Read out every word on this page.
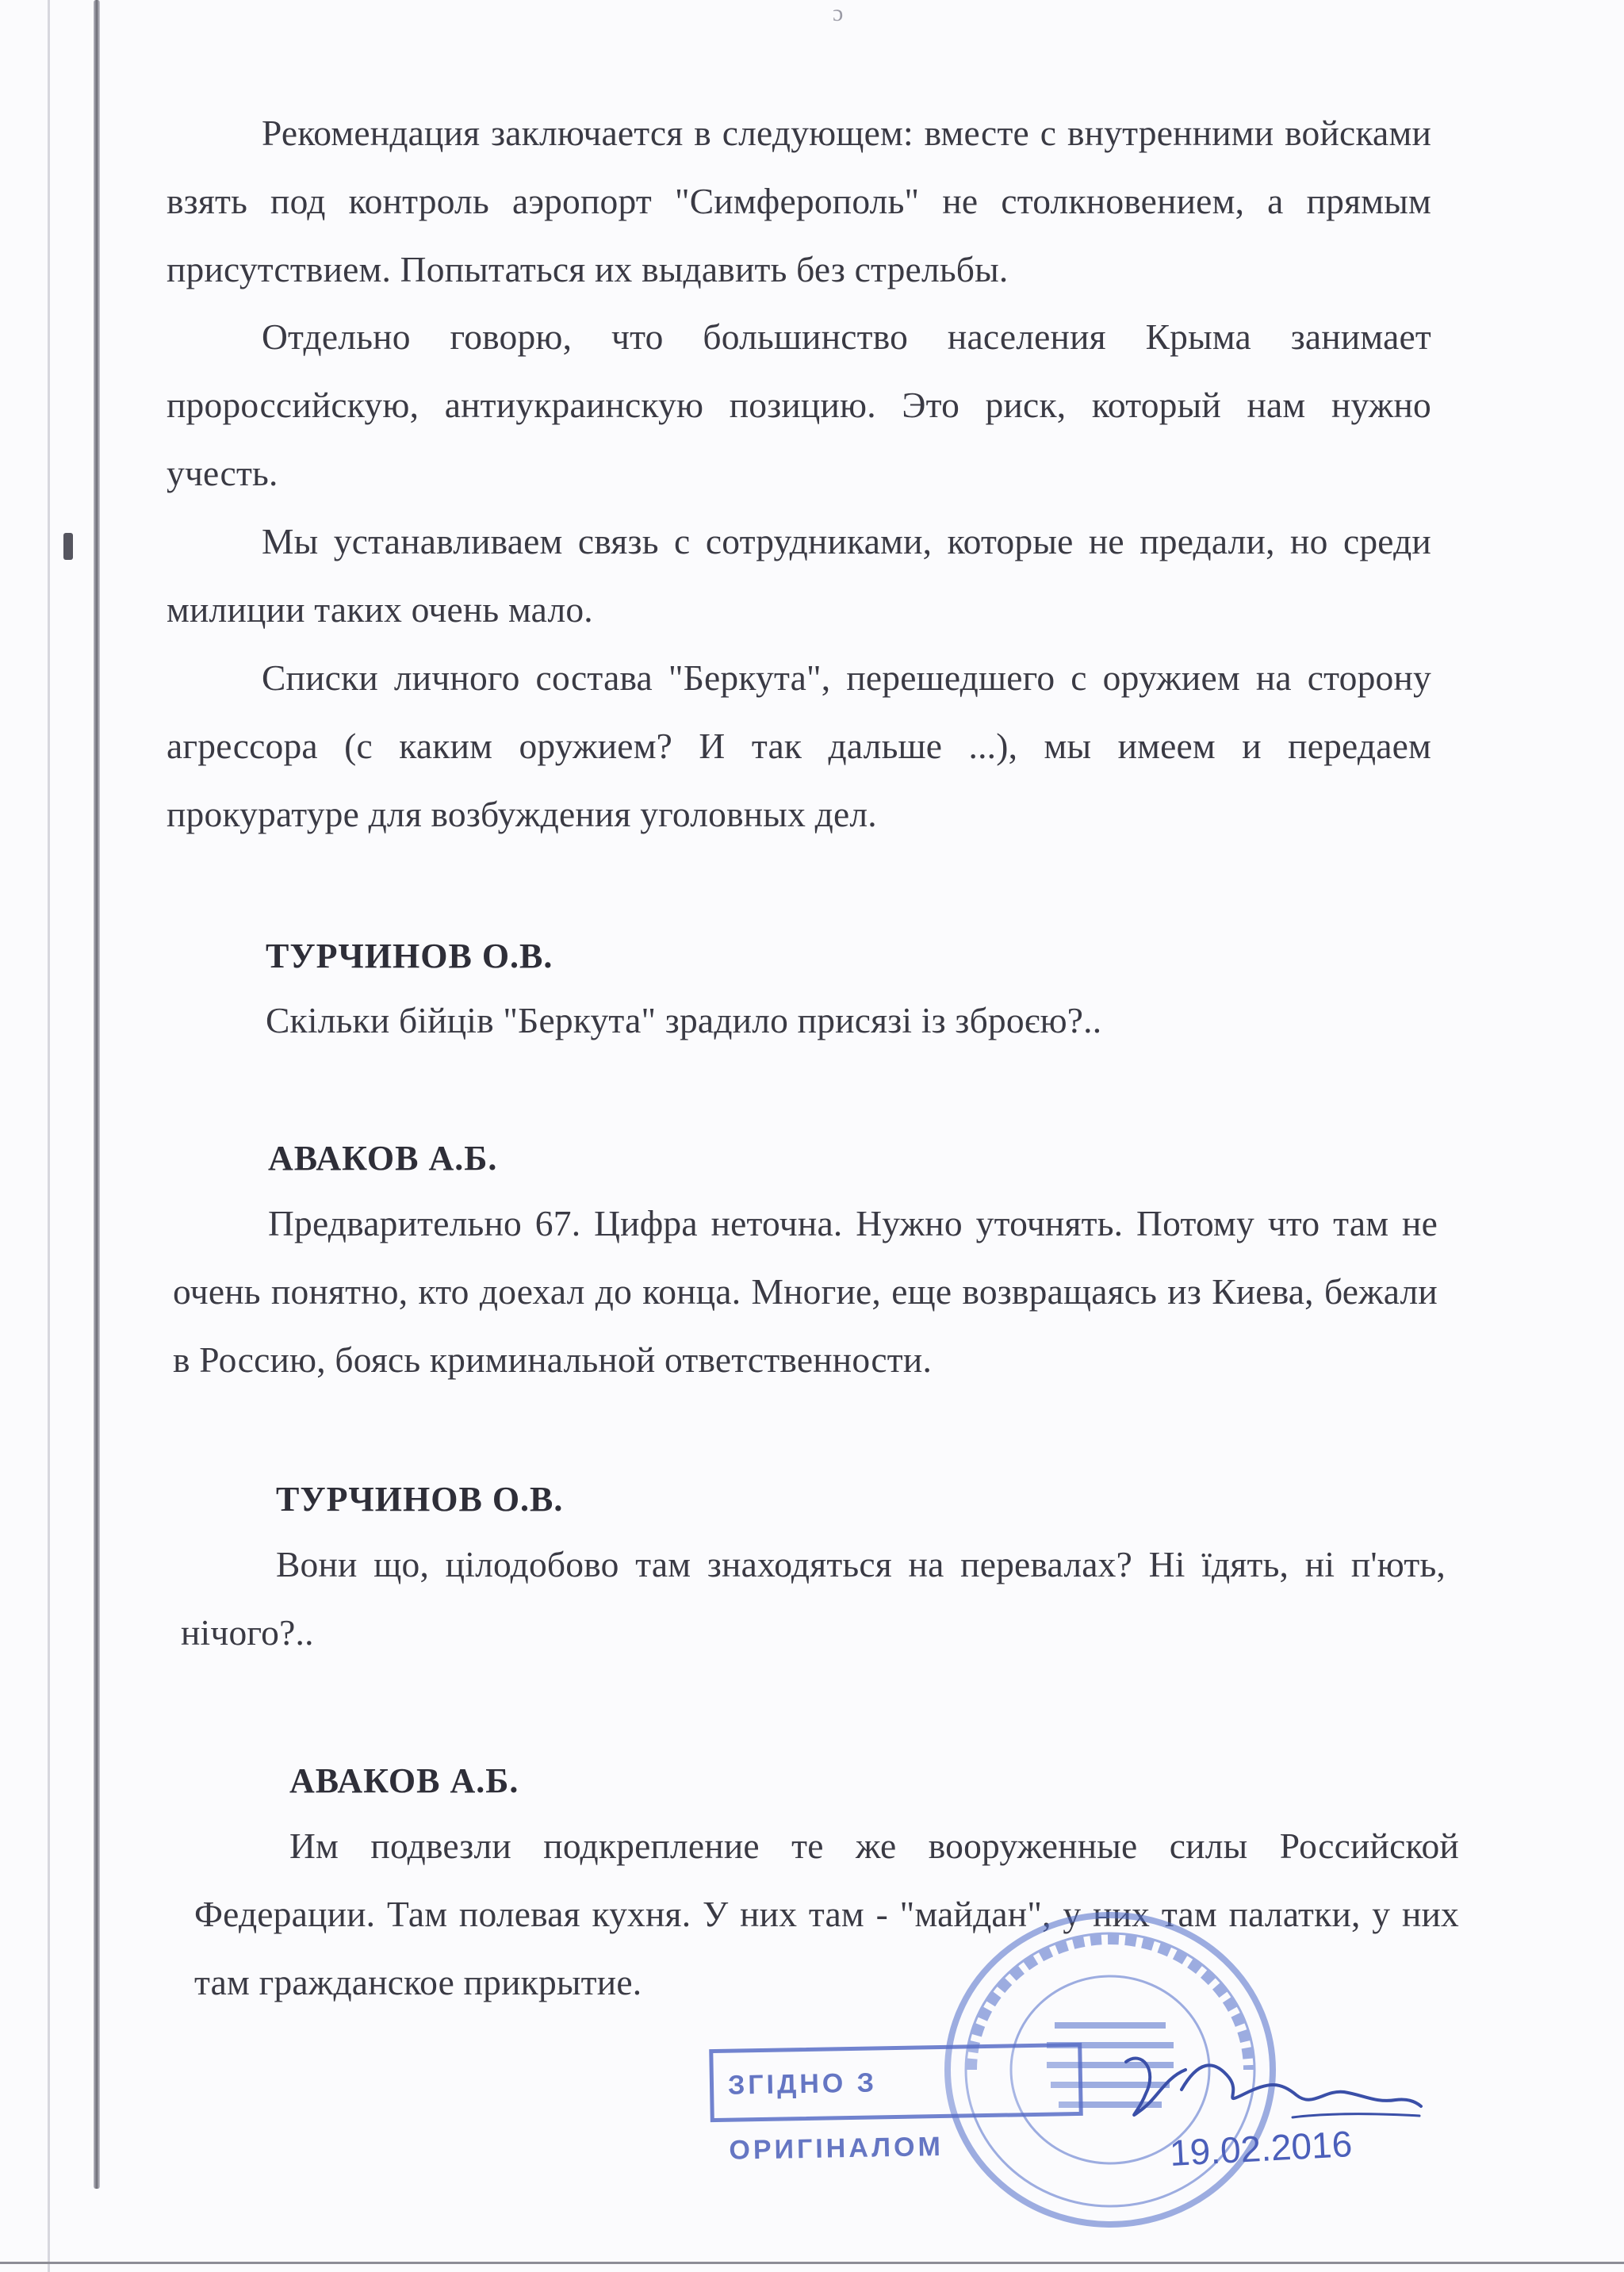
ɔ

Рекомендация заключается в следующем: вместе с внутренними войсками взять под контроль аэропорт "Симферополь" не столкновением, а прямым присутствием. Попытаться их выдавить без стрельбы.

Отдельно говорю, что большинство населения Крыма занимает пророссийскую, антиукраинскую позицию. Это риск, который нам нужно учесть.

Мы устанавливаем связь с сотрудниками, которые не предали, но среди милиции таких очень мало.

Списки личного состава "Беркута", перешедшего с оружием на сторону агрессора (с каким оружием? И так дальше ...), мы имеем и передаем прокуратуре для возбуждения уголовных дел.

ТУРЧИНОВ О.В.

Скільки бійців "Беркута" зрадило присязі із зброєю?..

АВАКОВ А.Б.

Предварительно 67. Цифра неточна. Нужно уточнять. Потому что там не очень понятно, кто доехал до конца. Многие, еще возвращаясь из Киева, бежали в Россию, боясь криминальной ответственности.

ТУРЧИНОВ О.В.

Вони що, цілодобово там знаходяться на перевалах? Ні їдять, ні п'ють, нічого?..

АВАКОВ А.Б.

Им подвезли подкрепление те же вооруженные силы Российской Федерации. Там полевая кухня. У них там - "майдан", у них там палатки, у них там гражданское прикрытие.

ЗГІДНО З ОРИГІНАЛОМ	19.02.2016
